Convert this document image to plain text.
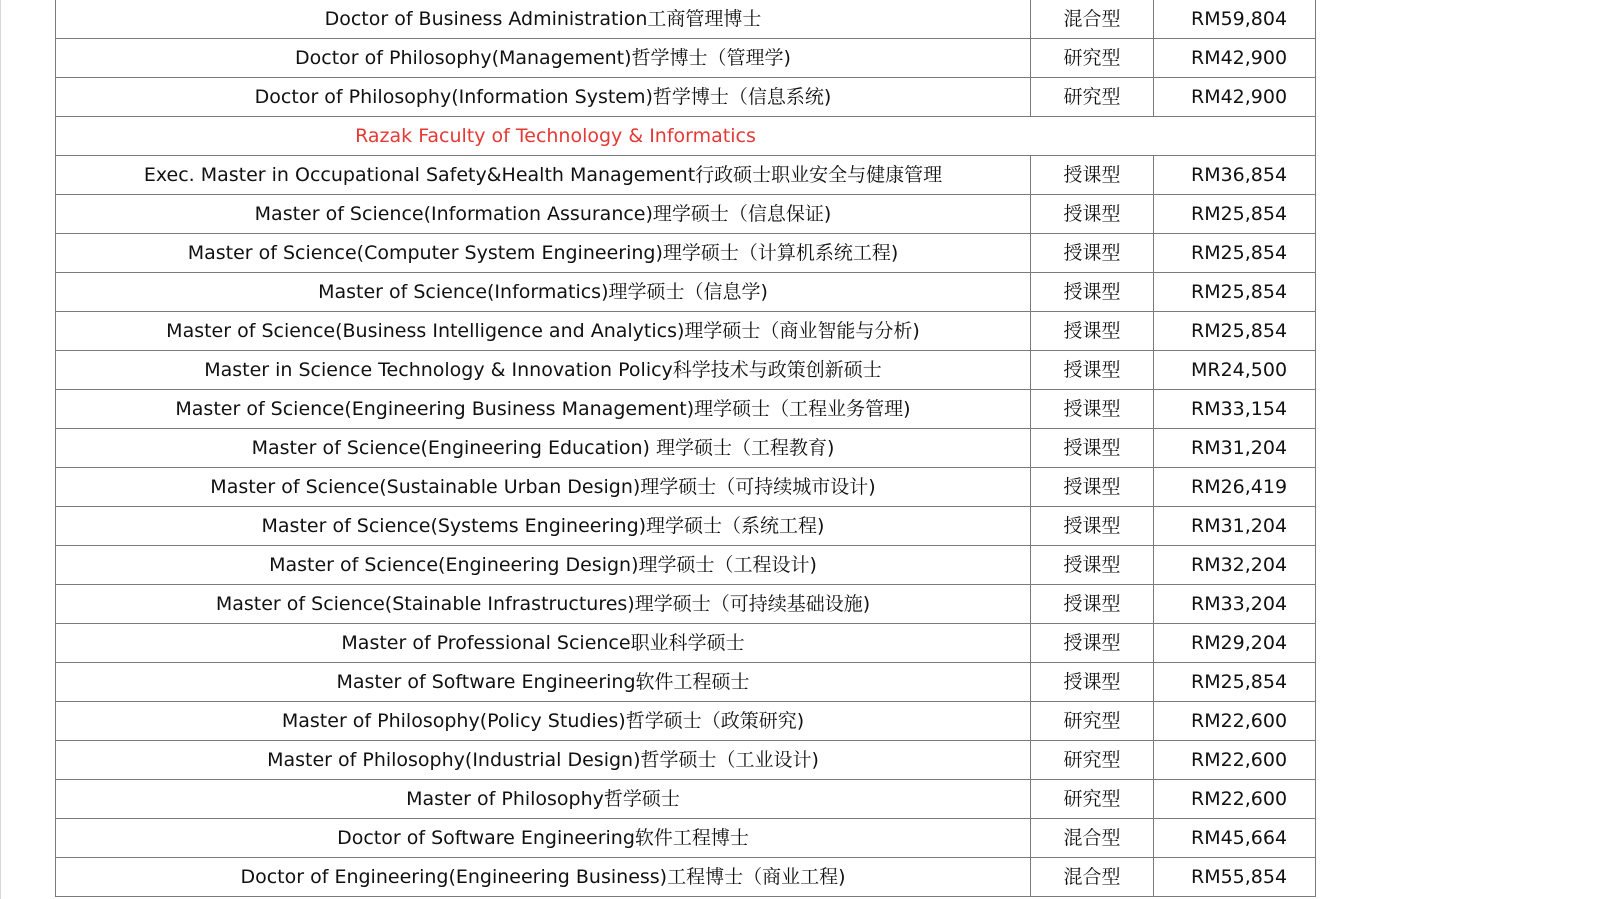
Doctor of Business Administration工商管理博士	混合型	RM59,804
Doctor of Philosophy(Management)哲学博士（管理学)	研究型	RM42,900
Doctor of Philosophy(Information System)哲学博士（信息系统)	研究型	RM42,900
Razak Faculty of Technology & Informatics		
Exec. Master in Occupational Safety&Health Management行政硕士职业安全与健康管理	授课型	RM36,854
Master of Science(Information Assurance)理学硕士（信息保证)	授课型	RM25,854
Master of Science(Computer System Engineering)理学硕士（计算机系统工程)	授课型	RM25,854
Master of Science(Informatics)理学硕士（信息学)	授课型	RM25,854
Master of Science(Business Intelligence and Analytics)理学硕士（商业智能与分析)	授课型	RM25,854
Master in Science Technology & Innovation Policy科学技术与政策创新硕士	授课型	MR24,500
Master of Science(Engineering Business Management)理学硕士（工程业务管理)	授课型	RM33,154
Master of Science(Engineering Education) 理学硕士（工程教育)	授课型	RM31,204
Master of Science(Sustainable Urban Design)理学硕士（可持续城市设计)	授课型	RM26,419
Master of Science(Systems Engineering)理学硕士（系统工程)	授课型	RM31,204
Master of Science(Engineering Design)理学硕士（工程设计)	授课型	RM32,204
Master of Science(Stainable Infrastructures)理学硕士（可持续基础设施)	授课型	RM33,204
Master of Professional Science职业科学硕士	授课型	RM29,204
Master of Software Engineering软件工程硕士	授课型	RM25,854
Master of Philosophy(Policy Studies)哲学硕士（政策研究)	研究型	RM22,600
Master of Philosophy(Industrial Design)哲学硕士（工业设计)	研究型	RM22,600
Master of Philosophy哲学硕士	研究型	RM22,600
Doctor of Software Engineering软件工程博士	混合型	RM45,664
Doctor of Engineering(Engineering Business)工程博士（商业工程)	混合型	RM55,854
